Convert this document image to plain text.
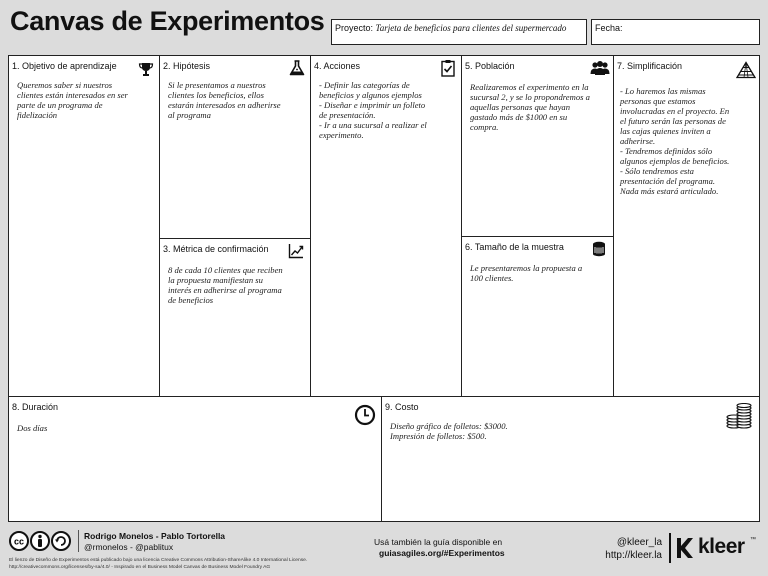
Canvas de Experimentos	Proyecto: Tarjeta de beneficios para clientes del supermercado	Fecha:
1. Objetivo de aprendizaje
Queremos saber si nuestros
clientes están interesados en ser
parte de un programa de
fidelización
2. Hipótesis
Si le presentamos a nuestros
clientes los beneficios, ellos
estarán interesados en adherirse
al programa
3. Métrica de confirmación
8 de cada 10 clientes que reciben
la propuesta manifiestan su
interés en adherirse al programa
de beneficios
4. Acciones
- Definir las categorías de
beneficios y algunos ejemplos
- Diseñar e imprimir un folleto
de presentación.
- Ir a una sucursal a realizar el
experimento.
5. Población
Realizaremos el experimento en la
sucursal 2, y se lo propondremos a
aquellas personas que hayan
gastado más de $1000 en su
compra.
6. Tamaño de la muestra
Le presentaremos la propuesta a
100 clientes.
7. Simplificación
- Lo haremos las mismas
personas que estamos
involucradas en el proyecto. En
el futuro serán las personas de
las cajas quienes inviten a
adherirse.
- Tendremos definidos sólo
algunos ejemplos de beneficios.
- Sólo tendremos esta
presentación del programa.
Nada más estará articulado.
8. Duración
Dos días
9. Costo
Diseño gráfico de folletos: $3000.
Impresión de folletos: $500.
cc
Rodrigo Monelos - Pablo Tortorella
@rmonelos - @pablitux
El lienzo de Diseño de Experimentos está publicado bajo una licencia Creative Commons Attribution-ShareAlike 4.0 International License.
http://creativecommons.org/licenses/by-sa/4.0/ - Inspirado en el Business Model Canvas de Business Model Foundry AG
Usá también la guía disponible en
guiasagiles.org/#Experimentos
@kleer_la
http://kleer.la kleer ™
